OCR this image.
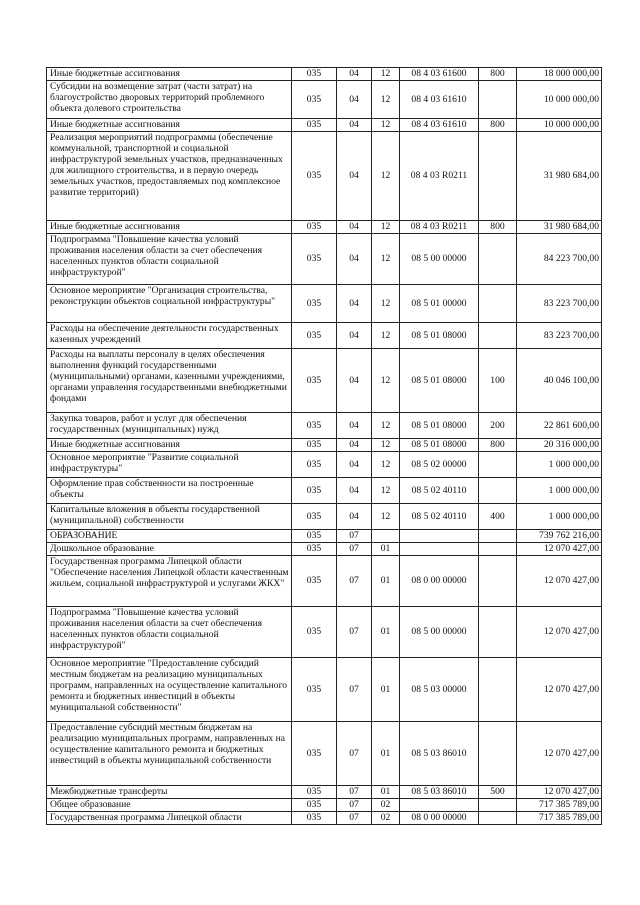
Иные бюджетные ассигнования	035	04	12	08 4 03 61600	800	18 000 000,00
Субсидии на возмещение затрат (части затрат) на благоустройство дворовых территорий проблемного объекта долевого строительства	035	04	12	08 4 03 61610		10 000 000,00
Иные бюджетные ассигнования	035	04	12	08 4 03 61610	800	10 000 000,00
Реализация мероприятий подпрограммы (обеспечение коммунальной, транспортной и социальной инфраструктурой земельных участков, предназначенных для жилищного строительства, и в первую очередь земельных участков, предоставляемых под комплексное развитие территорий)	035	04	12	08 4 03 R0211		31 980 684,00
Иные бюджетные ассигнования	035	04	12	08 4 03 R0211	800	31 980 684,00
Подпрограмма "Повышение качества условий проживания населения области за счет обеспечения населенных пунктов области социальной инфраструктурой"	035	04	12	08 5 00 00000		84 223 700,00
Основное мероприятие "Организация строительства, реконструкции объектов социальной инфраструктуры"	035	04	12	08 5 01 00000		83 223 700,00
Расходы на обеспечение деятельности государственных казенных учреждений	035	04	12	08 5 01 08000		83 223 700,00
Расходы на выплаты персоналу в целях обеспечения выполнения функций государственными (муниципальными) органами, казенными учреждениями, органами управления государственными внебюджетными фондами	035	04	12	08 5 01 08000	100	40 046 100,00
Закупка товаров, работ и услуг для обеспечения государственных (муниципальных) нужд	035	04	12	08 5 01 08000	200	22 861 600,00
Иные бюджетные ассигнования	035	04	12	08 5 01 08000	800	20 316 000,00
Основное мероприятие "Развитие социальной инфраструктуры"	035	04	12	08 5 02 00000		1 000 000,00
Оформление прав собственности на построенные объекты	035	04	12	08 5 02 40110		1 000 000,00
Капитальные вложения в объекты государственной (муниципальной) собственности	035	04	12	08 5 02 40110	400	1 000 000,00
ОБРАЗОВАНИЕ	035	07				739 762 216,00
Дошкольное образование	035	07	01			12 070 427,00
Государственная программа Липецкой области "Обеспечение населения Липецкой области качественным жильем, социальной инфраструктурой и услугами ЖКХ"	035	07	01	08 0 00 00000		12 070 427,00
Подпрограмма "Повышение качества условий проживания населения области за счет обеспечения населенных пунктов области социальной инфраструктурой"	035	07	01	08 5 00 00000		12 070 427,00
Основное мероприятие "Предоставление субсидий местным бюджетам на реализацию муниципальных программ, направленных на осуществление капитального ремонта и бюджетных инвестиций в объекты муниципальной собственности"	035	07	01	08 5 03 00000		12 070 427,00
Предоставление субсидий местным бюджетам на реализацию муниципальных программ, направленных на осуществление капитального ремонта и бюджетных инвестиций в объекты муниципальной собственности	035	07	01	08 5 03 86010		12 070 427,00
Межбюджетные трансферты	035	07	01	08 5 03 86010	500	12 070 427,00
Общее образование	035	07	02			717 385 789,00
Государственная программа Липецкой области	035	07	02	08 0 00 00000		717 385 789,00
